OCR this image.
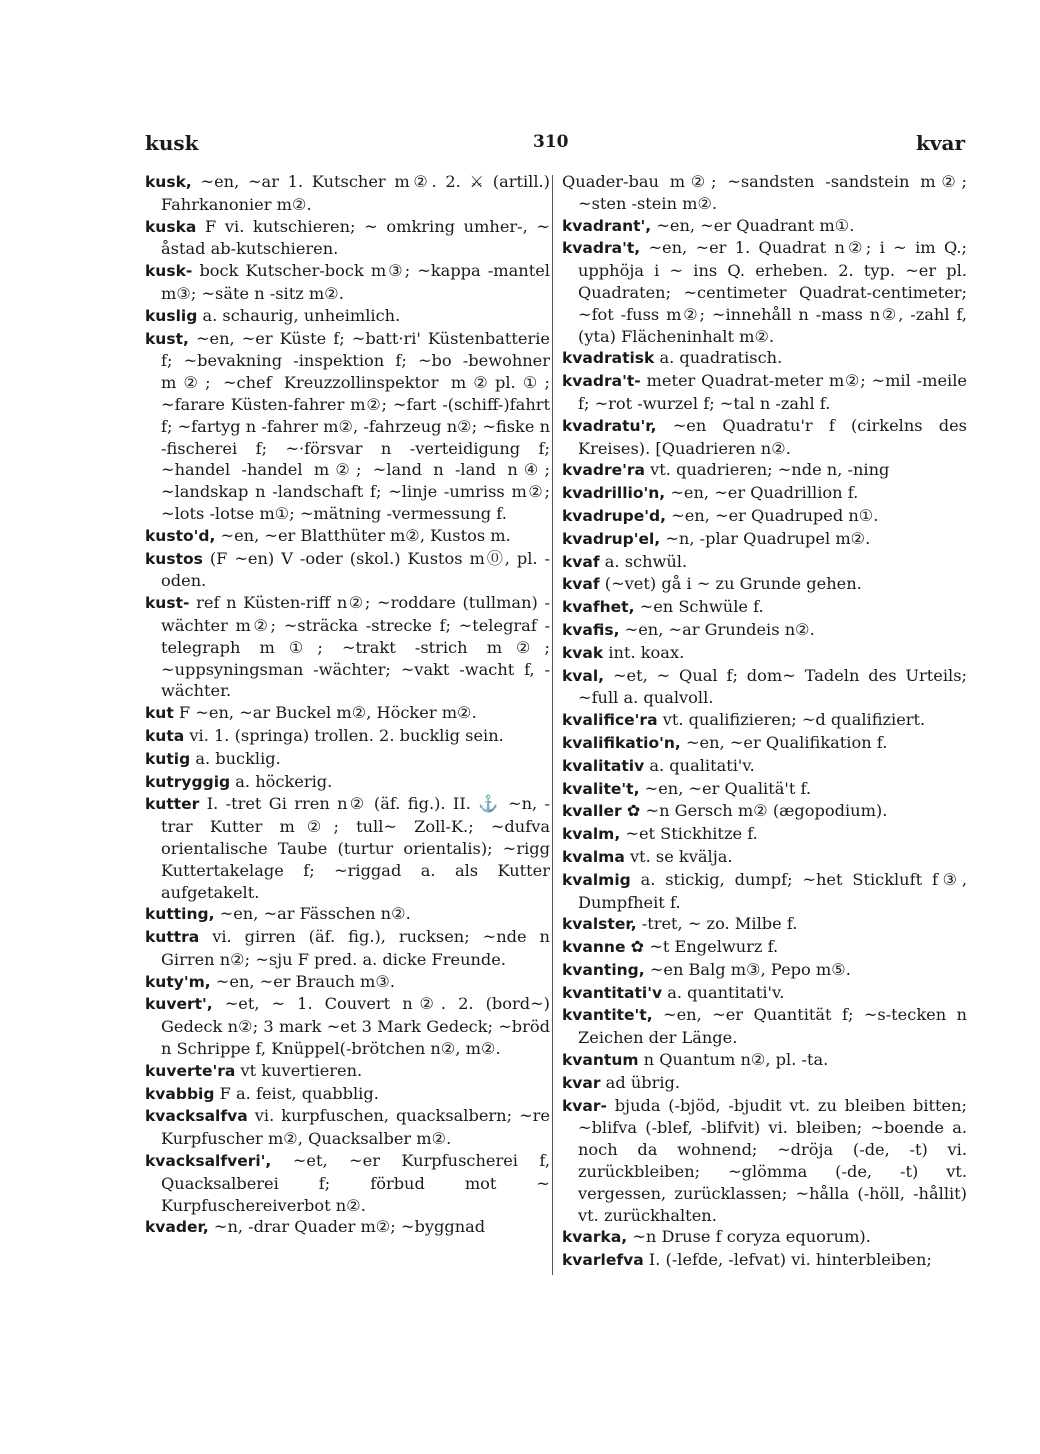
kusk	310	kvar

kusk, ~en, ~ar 1. Kutscher m②. 2. ⚔ (artill.) Fahrkanonier m②.

kuska F vi. kutschieren; ~ omkring umher-, ~ åstad ab-kutschieren.

kusk- bock Kutscher-bock m③; ~kappa -mantel m③; ~säte n -sitz m②.

kuslig a. schaurig, unheimlich.

kust, ~en, ~er Küste f; ~batt·ri' Küstenbatterie f; ~bevakning -inspektion f; ~bo -bewohner m②; ~chef Kreuzzollinspektor m②pl.①; ~farare Küsten-fahrer m②; ~fart -(schiff-)fahrt f; ~fartyg n -fahrer m②, -fahrzeug n②; ~fiske n -fischerei f; ~·försvar n -verteidigung f; ~handel -handel m②; ~land n -land n④; ~landskap n -landschaft f; ~linje -umriss m②; ~lots -lotse m①; ~mätning -vermessung f.

kusto'd, ~en, ~er Blatthüter m②, Kustos m.

kustos (F ~en) V -oder (skol.) Kustos m⓪, pl. -oden.

kust- ref n Küsten-riff n②; ~roddare (tullman) -wächter m②; ~sträcka -strecke f; ~telegraf -telegraph m①; ~trakt -strich m②; ~uppsyningsman -wächter; ~vakt -wacht f, -wächter.

kut F ~en, ~ar Buckel m②, Höcker m②.

kuta vi. 1. (springa) trollen. 2. bucklig sein.

kutig a. bucklig.

kutryggig a. höckerig.

kutter I. -tret Gi rren n② (äf. fig.). II. ⚓ ~n, -trar Kutter m②; tull~ Zoll-K.; ~dufva orientalische Taube (turtur orientalis); ~rigg Kuttertakelage f; ~riggad a. als Kutter aufgetakelt.

kutting, ~en, ~ar Fässchen n②.

kuttra vi. girren (äf. fig.), rucksen; ~nde n Girren n②; ~sju F pred. a. dicke Freunde.

kuty'm, ~en, ~er Brauch m③.

kuvert', ~et, ~ 1. Couvert n②. 2. (bord~) Gedeck n②; 3 mark ~et 3 Mark Gedeck; ~bröd n Schrippe f, Knüppel(-brötchen n②, m②.

kuverte'ra vt kuvertieren.

kvabbig F a. feist, quabblig.

kvacksalfva vi. kurpfuschen, quacksalbern; ~re Kurpfuscher m②, Quacksalber m②.

kvacksalfveri', ~et, ~er Kurpfuscherei f, Quacksalberei f; förbud mot ~ Kurpfuschereiverbot n②.

kvader, ~n, -drar Quader m②; ~byggnad

Quader-bau m②; ~sandsten -sandstein m②; ~sten -stein m②.

kvadrant', ~en, ~er Quadrant m①.

kvadra't, ~en, ~er 1. Quadrat n②; i ~ im Q.; upphöja i ~ ins Q. erheben. 2. typ. ~er pl. Quadraten; ~centimeter Quadrat-centimeter; ~fot -fuss m②; ~innehåll n -mass n②, -zahl f, (yta) Flächeninhalt m②.

kvadratisk a. quadratisch.

kvadra't- meter Quadrat-meter m②; ~mil -meile f; ~rot -wurzel f; ~tal n -zahl f.

kvadratu'r, ~en Quadratu'r f (cirkelns des Kreises). [Quadrieren n②.

kvadre'ra vt. quadrieren; ~nde n, -ning

kvadrillio'n, ~en, ~er Quadrillion f.

kvadrupe'd, ~en, ~er Quadruped n①.

kvadrup'el, ~n, -plar Quadrupel m②.

kvaf a. schwül.

kvaf (~vet) gå i ~ zu Grunde gehen.

kvafhet, ~en Schwüle f.

kvafis, ~en, ~ar Grundeis n②.

kvak int. koax.

kval, ~et, ~ Qual f; dom~ Tadeln des Urteils; ~full a. qualvoll.

kvalifice'ra vt. qualifizieren; ~d qualifiziert.

kvalifikatio'n, ~en, ~er Qualifikation f.

kvalitativ a. qualitati'v.

kvalite't, ~en, ~er Qualitä't f.

kvaller ✿ ~n Gersch m② (ægopodium).

kvalm, ~et Stickhitze f.

kvalma vt. se kvälja.

kvalmig a. stickig, dumpf; ~het Stickluft f③, Dumpfheit f.

kvalster, -tret, ~ zo. Milbe f.

kvanne ✿ ~t Engelwurz f.

kvanting, ~en Balg m③, Pepo m⑤.

kvantitati'v a. quantitati'v.

kvantite't, ~en, ~er Quantität f; ~s-tecken n Zeichen der Länge.

kvantum n Quantum n②, pl. -ta.

kvar ad übrig.

kvar- bjuda (-bjöd, -bjudit vt. zu bleiben bitten; ~blifva (-blef, -blifvit) vi. bleiben; ~boende a. noch da wohnend; ~dröja (-de, -t) vi. zurückbleiben; ~glömma (-de, -t) vt. vergessen, zurücklassen; ~hålla (-höll, -hållit) vt. zurückhalten.

kvarka, ~n Druse f coryza equorum).

kvarlefva I. (-lefde, -lefvat) vi. hinterbleiben;
